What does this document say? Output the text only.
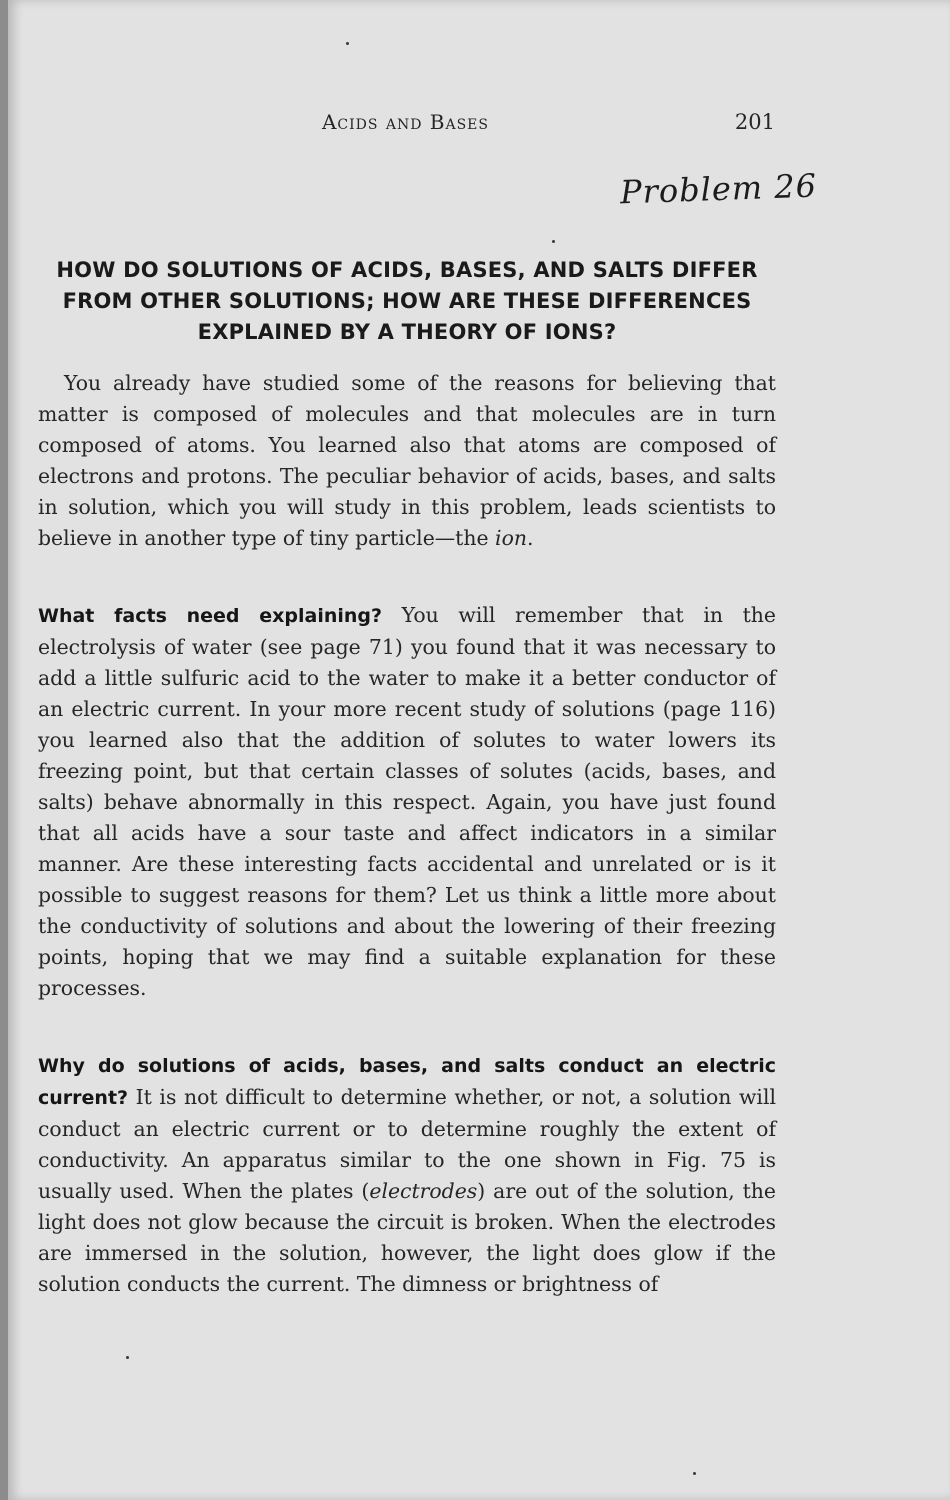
Acids and Bases	201
Problem 26
HOW DO SOLUTIONS OF ACIDS, BASES, AND SALTS DIFFER FROM OTHER SOLUTIONS; HOW ARE THESE DIFFERENCES EXPLAINED BY A THEORY OF IONS?

You already have studied some of the reasons for believing that matter is composed of molecules and that molecules are in turn composed of atoms. You learned also that atoms are composed of electrons and protons. The peculiar behavior of acids, bases, and salts in solution, which you will study in this problem, leads scientists to believe in another type of tiny particle—the ion.

What facts need explaining? You will remember that in the electrolysis of water (see page 71) you found that it was necessary to add a little sulfuric acid to the water to make it a better conductor of an electric current. In your more recent study of solutions (page 116) you learned also that the addition of solutes to water lowers its freezing point, but that certain classes of solutes (acids, bases, and salts) behave abnormally in this respect. Again, you have just found that all acids have a sour taste and affect indicators in a similar manner. Are these interesting facts accidental and unrelated or is it possible to suggest reasons for them? Let us think a little more about the conductivity of solutions and about the lowering of their freezing points, hoping that we may find a suitable explanation for these processes.

Why do solutions of acids, bases, and salts conduct an electric current? It is not difficult to determine whether, or not, a solution will conduct an electric current or to determine roughly the extent of conductivity. An apparatus similar to the one shown in Fig. 75 is usually used. When the plates (electrodes) are out of the solution, the light does not glow because the circuit is broken. When the electrodes are immersed in the solution, however, the light does glow if the solution conducts the current. The dimness or brightness of
